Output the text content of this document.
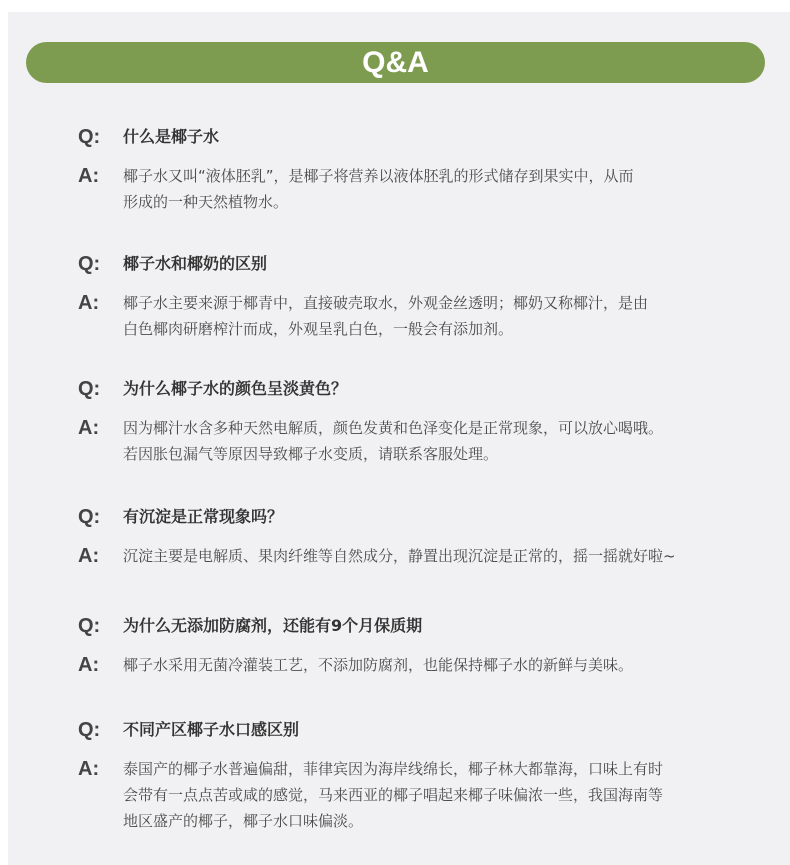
Q&A
Q: 什么是椰子水
A: 椰子水又叫“液体胚乳”，是椰子将营养以液体胚乳的形式储存到果实中，从而
形成的一种天然植物水。
Q: 椰子水和椰奶的区别
A: 椰子水主要来源于椰青中，直接破壳取水，外观金丝透明；椰奶又称椰汁，是由
白色椰肉研磨榨汁而成，外观呈乳白色，一般会有添加剂。
Q: 为什么椰子水的颜色呈淡黄色？
A: 因为椰汁水含多种天然电解质，颜色发黄和色泽变化是正常现象，可以放心喝哦。
若因胀包漏气等原因导致椰子水变质，请联系客服处理。
Q: 有沉淀是正常现象吗？
A: 沉淀主要是电解质、果肉纤维等自然成分，静置出现沉淀是正常的，摇一摇就好啦~
Q: 为什么无添加防腐剂，还能有9个月保质期
A: 椰子水采用无菌冷灌装工艺，不添加防腐剂，也能保持椰子水的新鲜与美味。
Q: 不同产区椰子水口感区别
A: 泰国产的椰子水普遍偏甜，菲律宾因为海岸线绵长，椰子林大都靠海，口味上有时
会带有一点点苦或咸的感觉，马来西亚的椰子唱起来椰子味偏浓一些，我国海南等
地区盛产的椰子，椰子水口味偏淡。
